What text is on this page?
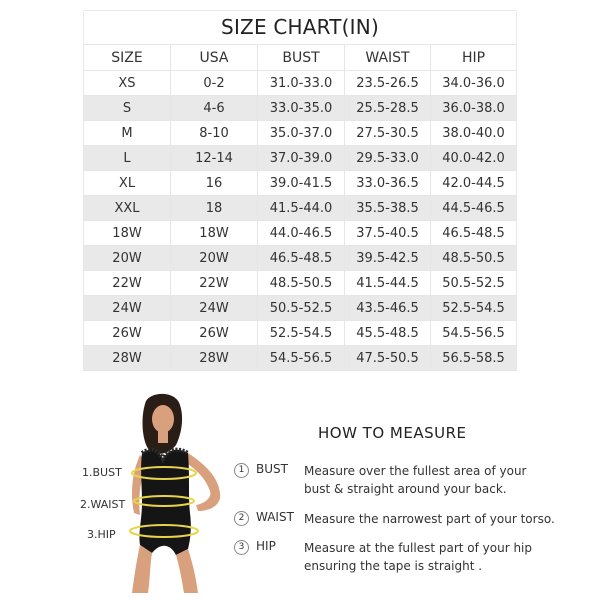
SIZE CHART(IN)
SIZE	USA	BUST	WAIST	HIP
XS	0-2	31.0-33.0	23.5-26.5	34.0-36.0
S	4-6	33.0-35.0	25.5-28.5	36.0-38.0
M	8-10	35.0-37.0	27.5-30.5	38.0-40.0
L	12-14	37.0-39.0	29.5-33.0	40.0-42.0
XL	16	39.0-41.5	33.0-36.5	42.0-44.5
XXL	18	41.5-44.0	35.5-38.5	44.5-46.5
18W	18W	44.0-46.5	37.5-40.5	46.5-48.5
20W	20W	46.5-48.5	39.5-42.5	48.5-50.5
22W	22W	48.5-50.5	41.5-44.5	50.5-52.5
24W	24W	50.5-52.5	43.5-46.5	52.5-54.5
26W	26W	52.5-54.5	45.5-48.5	54.5-56.5
28W	28W	54.5-56.5	47.5-50.5	56.5-58.5
1.BUST
2.WAIST
3.HIP
HOW TO MEASURE
1 BUST Measure over the fullest area of your
bust & straight around your back.
2 WAIST Measure the narrowest part of your torso.
3 HIP Measure at the fullest part of your hip
ensuring the tape is straight .
